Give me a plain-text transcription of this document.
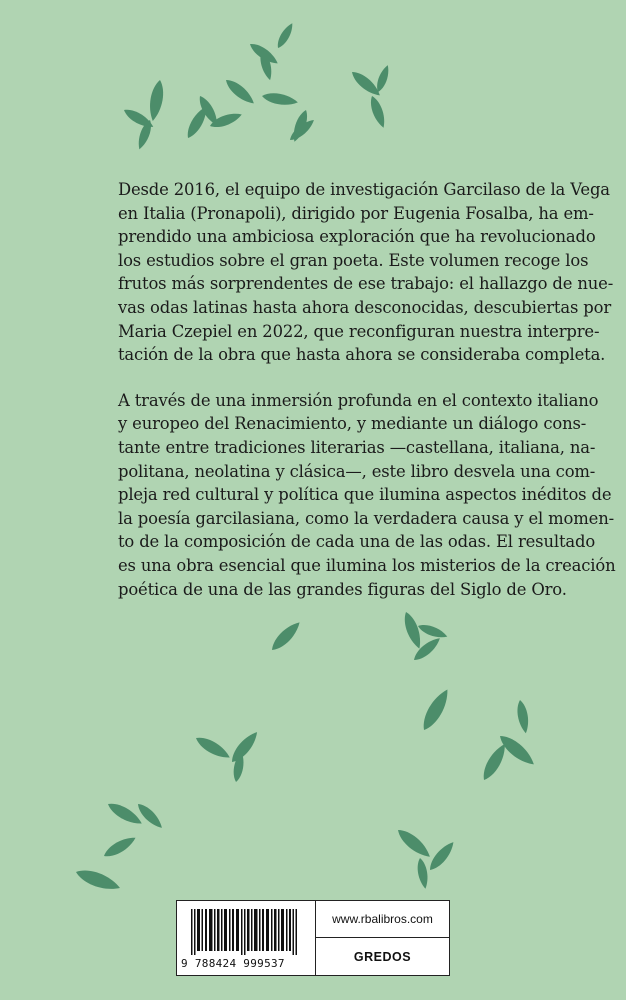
Desde 2016, el equipo de investigación Garcilaso de la Vega
en Italia (Pronapoli), dirigido por Eugenia Fosalba, ha em-
prendido una ambiciosa exploración que ha revolucionado
los estudios sobre el gran poeta. Este volumen recoge los
frutos más sorprendentes de ese trabajo: el hallazgo de nue-
vas odas latinas hasta ahora desconocidas, descubiertas por
Maria Czepiel en 2022, que reconfiguran nuestra interpre-
tación de la obra que hasta ahora se consideraba completa.

A través de una inmersión profunda en el contexto italiano
y europeo del Renacimiento, y mediante un diálogo cons-
tante entre tradiciones literarias —castellana, italiana, na-
politana, neolatina y clásica—, este libro desvela una com-
pleja red cultural y política que ilumina aspectos inéditos de
la poesía garcilasiana, como la verdadera causa y el momen-
to de la composición de cada una de las odas. El resultado
es una obra esencial que ilumina los misterios de la creación
poética de una de las grandes figuras del Siglo de Oro.

9 788424 999537
www.rbalibros.com
GREDOS
